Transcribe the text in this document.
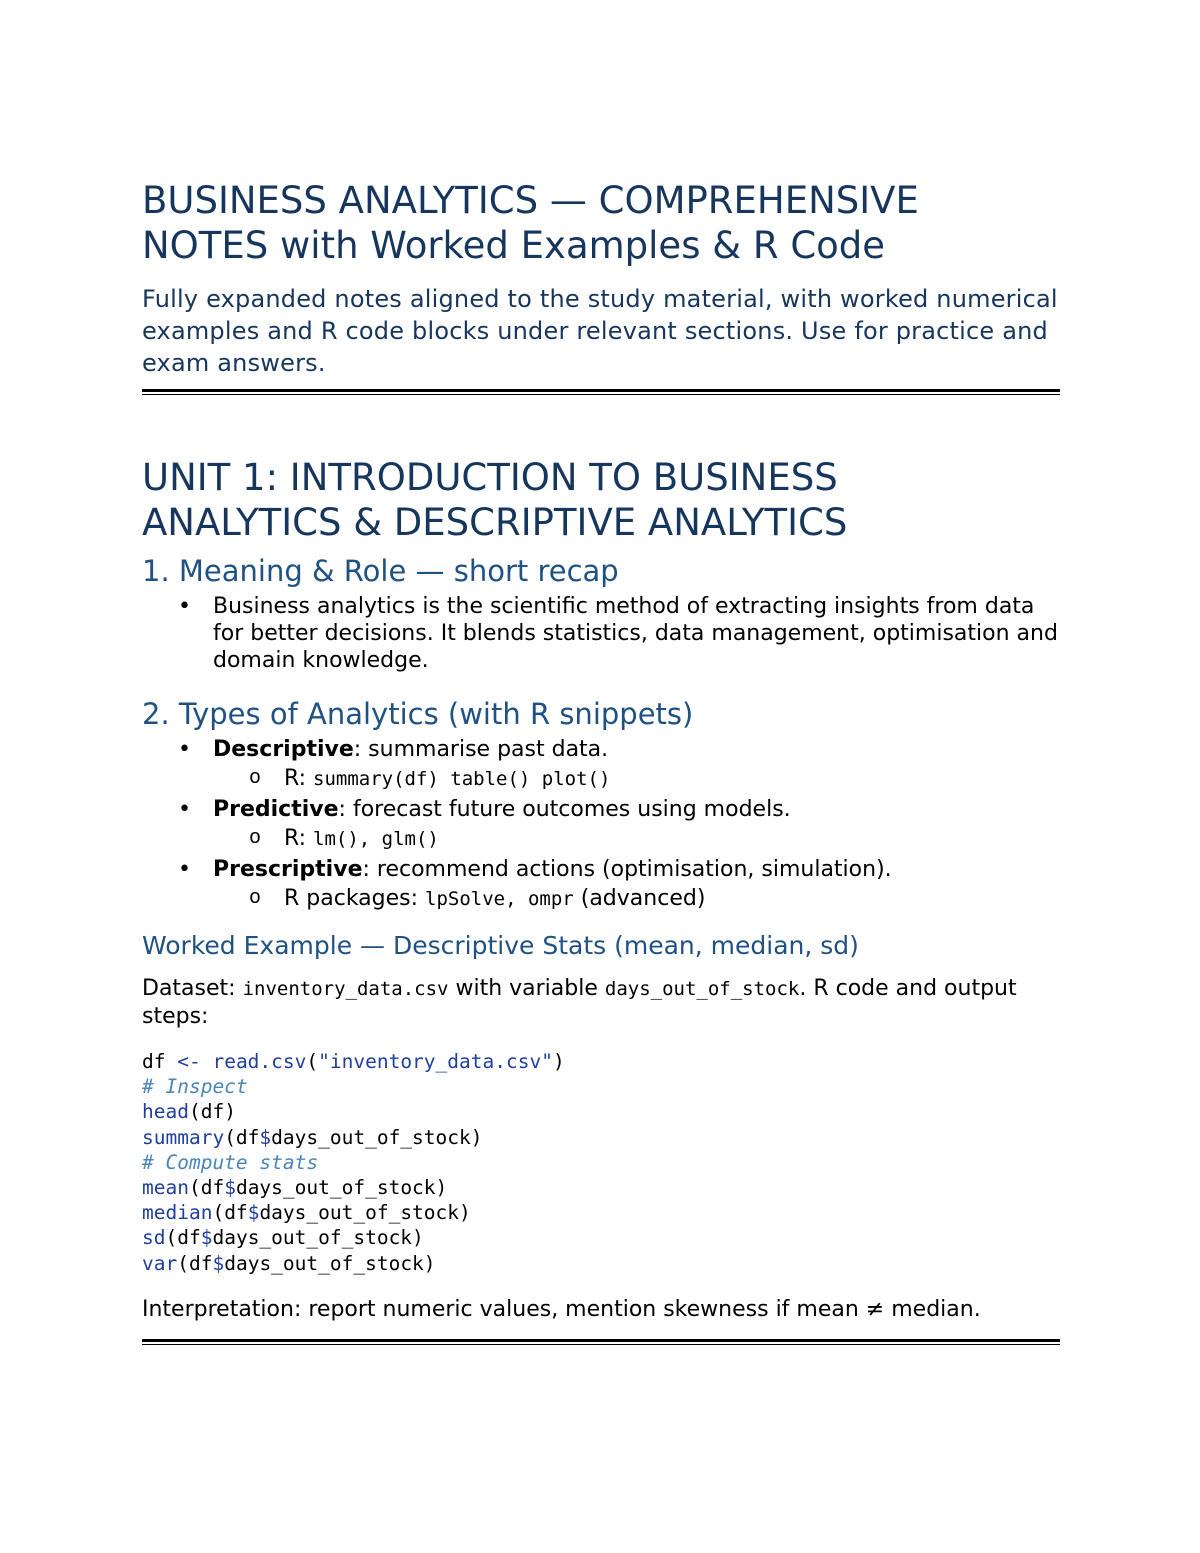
BUSINESS ANALYTICS — COMPREHENSIVE
NOTES with Worked Examples & R Code
Fully expanded notes aligned to the study material, with worked numerical examples and R code blocks under relevant sections. Use for practice and exam answers.
UNIT 1: INTRODUCTION TO BUSINESS
ANALYTICS & DESCRIPTIVE ANALYTICS
1. Meaning & Role — short recap
• Business analytics is the scientific method of extracting insights from data for better decisions. It blends statistics, data management, optimisation and domain knowledge.
2. Types of Analytics (with R snippets)
• Descriptive: summarise past data.
o R: summary(df) table() plot()
• Predictive: forecast future outcomes using models.
o R: lm(), glm()
• Prescriptive: recommend actions (optimisation, simulation).
o R packages: lpSolve, ompr (advanced)
Worked Example — Descriptive Stats (mean, median, sd)
Dataset: inventory_data.csv with variable days_out_of_stock. R code and output steps:
df <- read.csv("inventory_data.csv")
# Inspect
head(df)
summary(df$days_out_of_stock)
# Compute stats
mean(df$days_out_of_stock)
median(df$days_out_of_stock)
sd(df$days_out_of_stock)
var(df$days_out_of_stock)
Interpretation: report numeric values, mention skewness if mean ≠ median.
